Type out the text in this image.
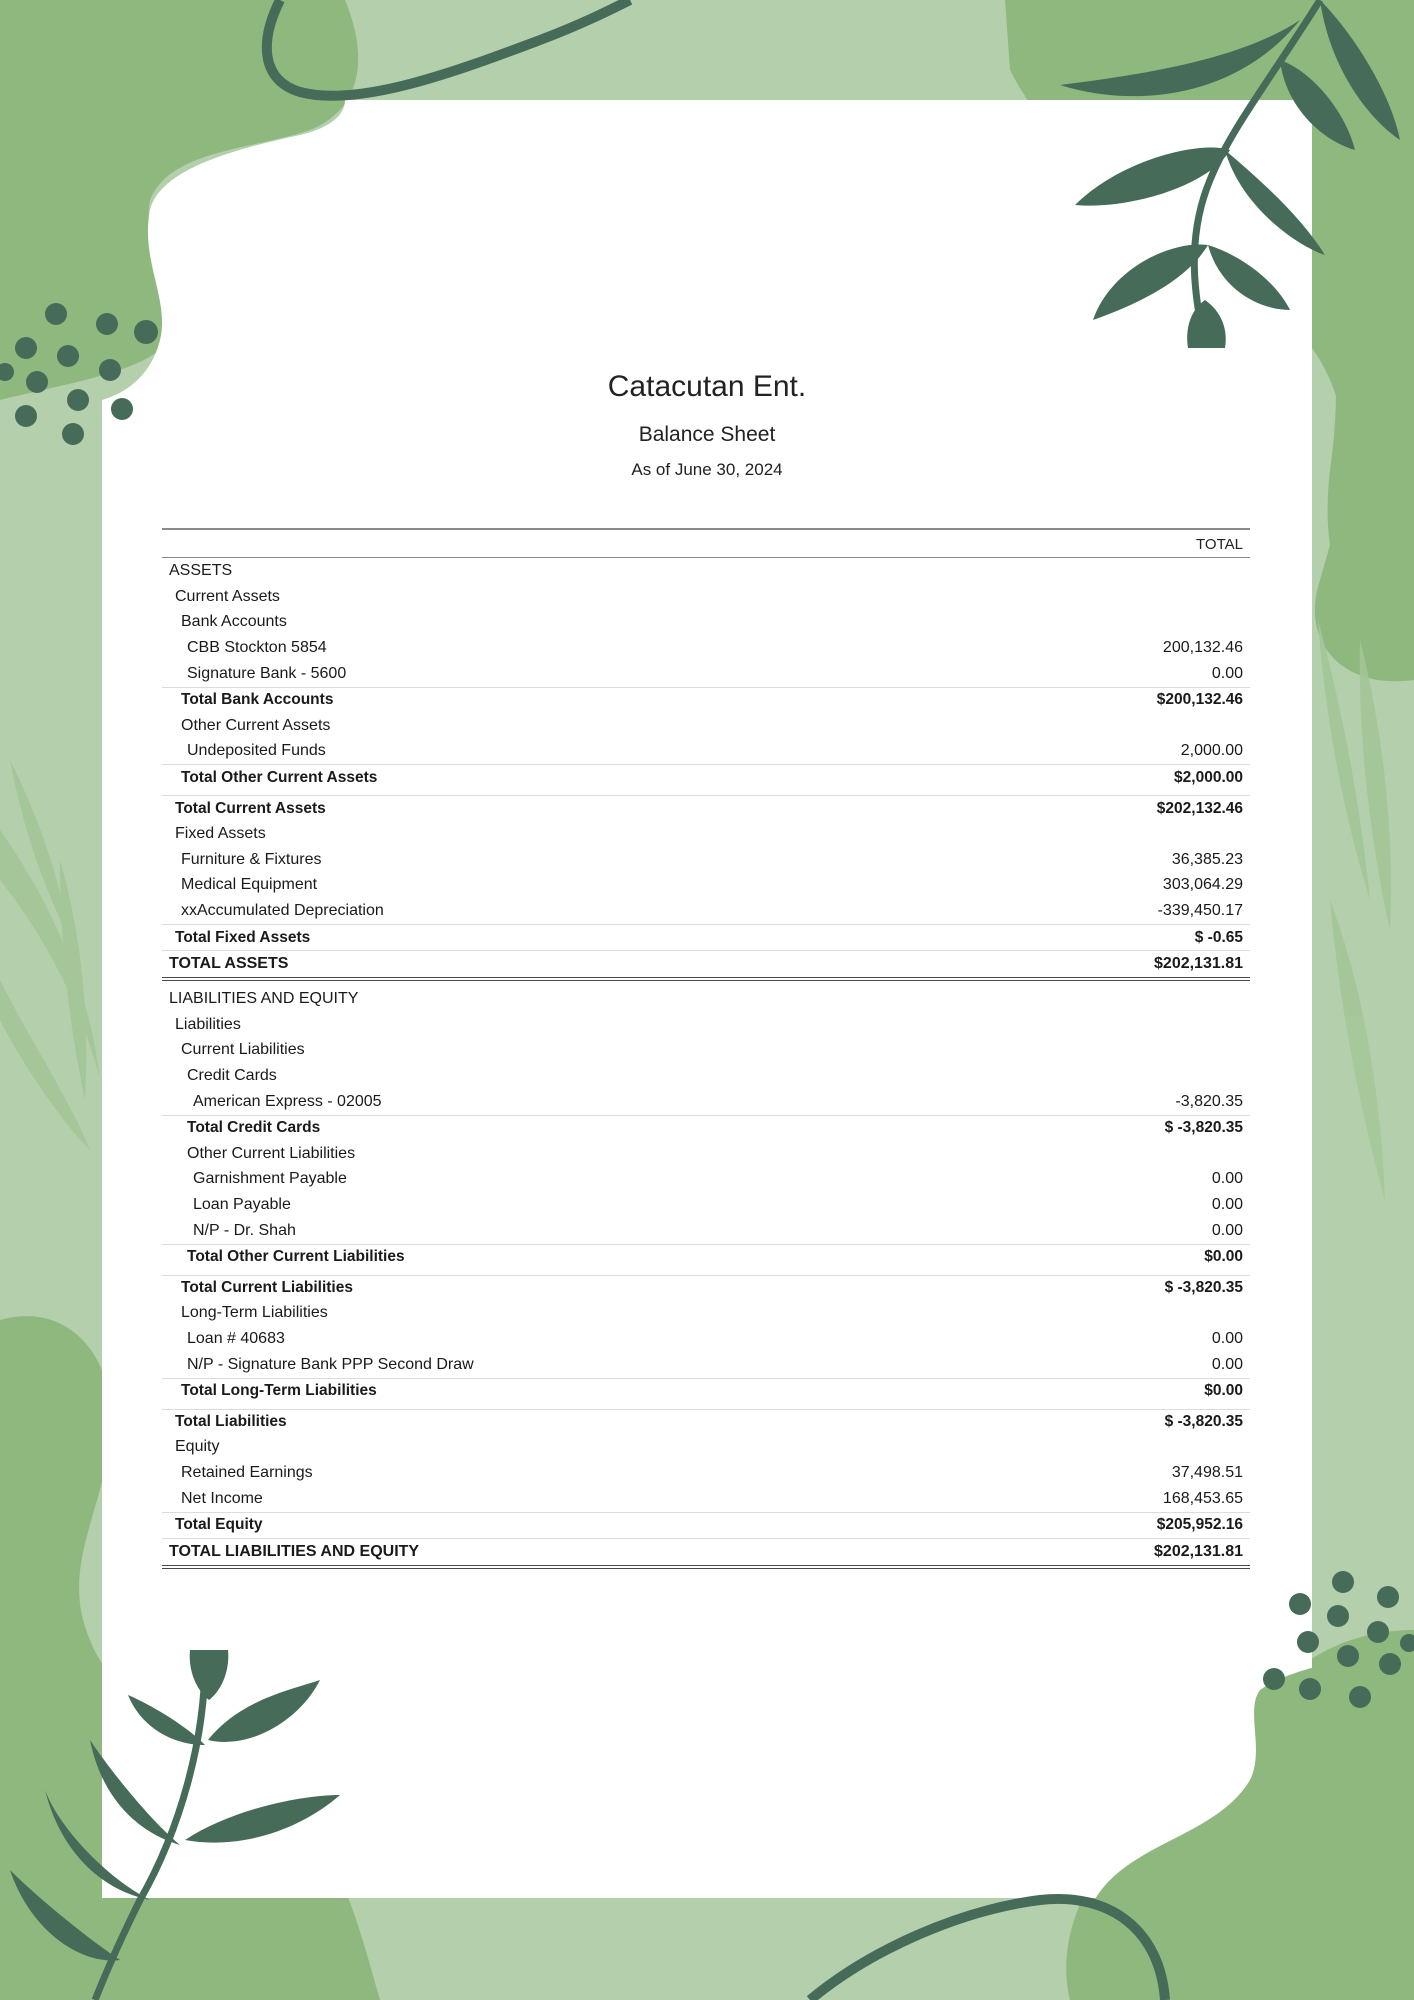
Catacutan Ent.
Balance Sheet
As of June 30, 2024
TOTAL
ASSETS
Current Assets
Bank Accounts
CBB Stockton 5854	200,132.46
Signature Bank - 5600	0.00
Total Bank Accounts	$200,132.46
Other Current Assets
Undeposited Funds	2,000.00
Total Other Current Assets	$2,000.00
Total Current Assets	$202,132.46
Fixed Assets
Furniture & Fixtures	36,385.23
Medical Equipment	303,064.29
xxAccumulated Depreciation	-339,450.17
Total Fixed Assets	$ -0.65
TOTAL ASSETS	$202,131.81
LIABILITIES AND EQUITY
Liabilities
Current Liabilities
Credit Cards
American Express - 02005	-3,820.35
Total Credit Cards	$ -3,820.35
Other Current Liabilities
Garnishment Payable	0.00
Loan Payable	0.00
N/P - Dr. Shah	0.00
Total Other Current Liabilities	$0.00
Total Current Liabilities	$ -3,820.35
Long-Term Liabilities
Loan # 40683	0.00
N/P - Signature Bank PPP Second Draw	0.00
Total Long-Term Liabilities	$0.00
Total Liabilities	$ -3,820.35
Equity
Retained Earnings	37,498.51
Net Income	168,453.65
Total Equity	$205,952.16
TOTAL LIABILITIES AND EQUITY	$202,131.81
